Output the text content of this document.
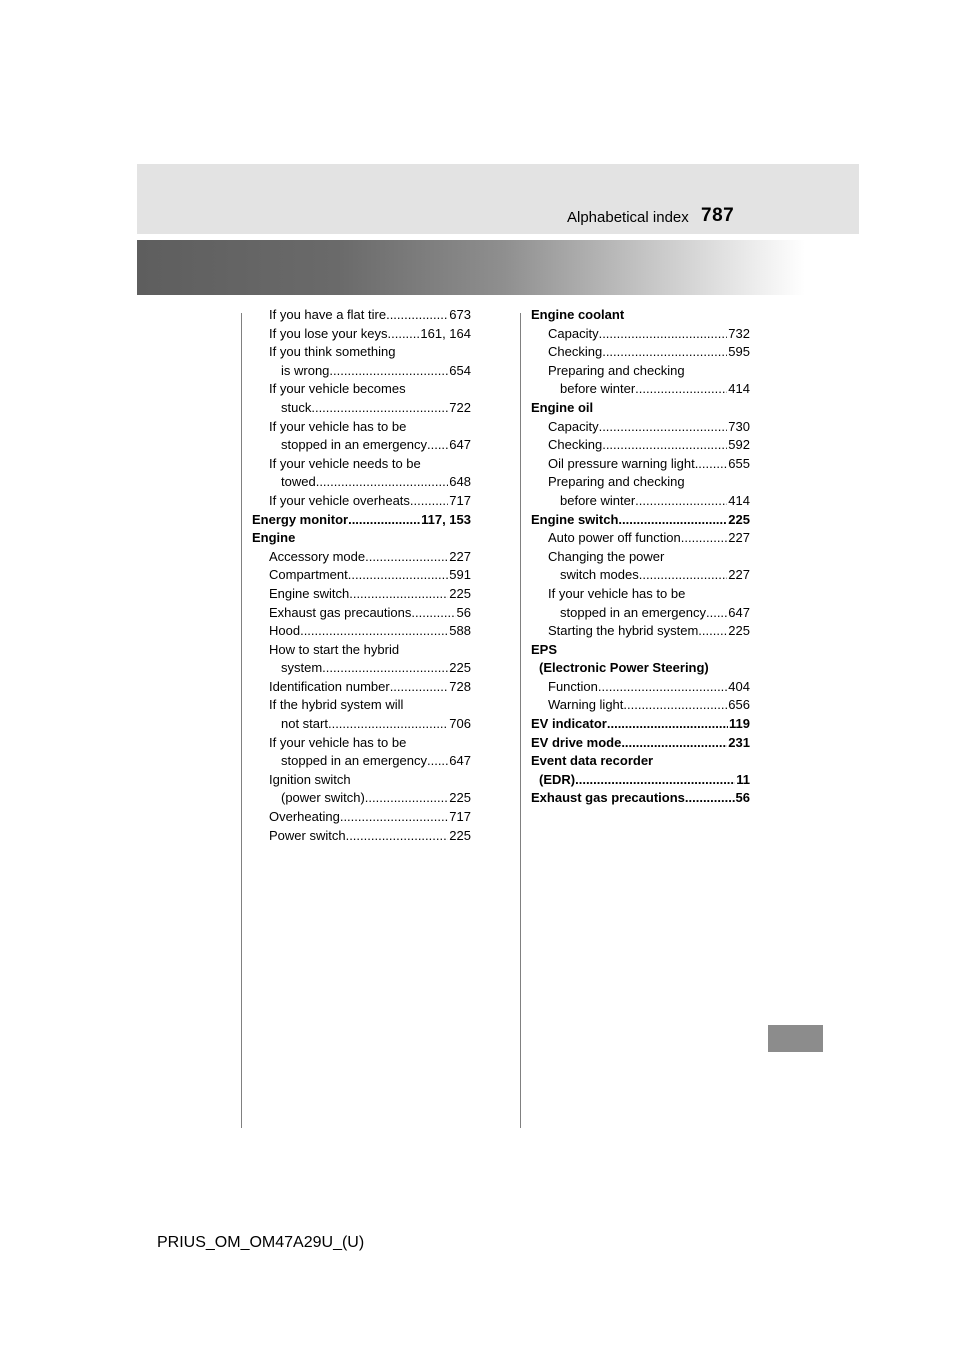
Alphabetical index 787
If you have a flat tire .....	673
If you lose your keys .....	161, 164
If you think something
is wrong .....	654
If your vehicle becomes
stuck .....	722
If your vehicle has to be
stopped in an emergency ..... 647
If your vehicle needs to be
towed .....	648
If your vehicle overheats .....	717
Energy monitor .....	117, 153
Engine
Accessory mode .....	227
Compartment .....	591
Engine switch .....	225
Exhaust gas precautions .....	56
Hood .....	588
How to start the hybrid
system .....	225
Identification number .....	728
If the hybrid system will
not start .....	706
If your vehicle has to be
stopped in an emergency ..... 647
Ignition switch
(power switch) .....	225
Overheating .....	717
Power switch .....	225
Engine coolant
Capacity .....	732
Checking .....	595
Preparing and checking
before winter .....	414
Engine oil
Capacity .....	730
Checking .....	592
Oil pressure warning light .....	655
Preparing and checking
before winter .....	414
Engine switch .....	225
Auto power off function .....	227
Changing the power
switch modes .....	227
If your vehicle has to be
stopped in an emergency ..... 647
Starting the hybrid system ..... 225
EPS
(Electronic Power Steering)
Function .....	404
Warning light .....	656
EV indicator .....	119
EV drive mode .....	231
Event data recorder
(EDR) .....	11
Exhaust gas precautions .....	56
PRIUS_OM_OM47A29U_(U)
